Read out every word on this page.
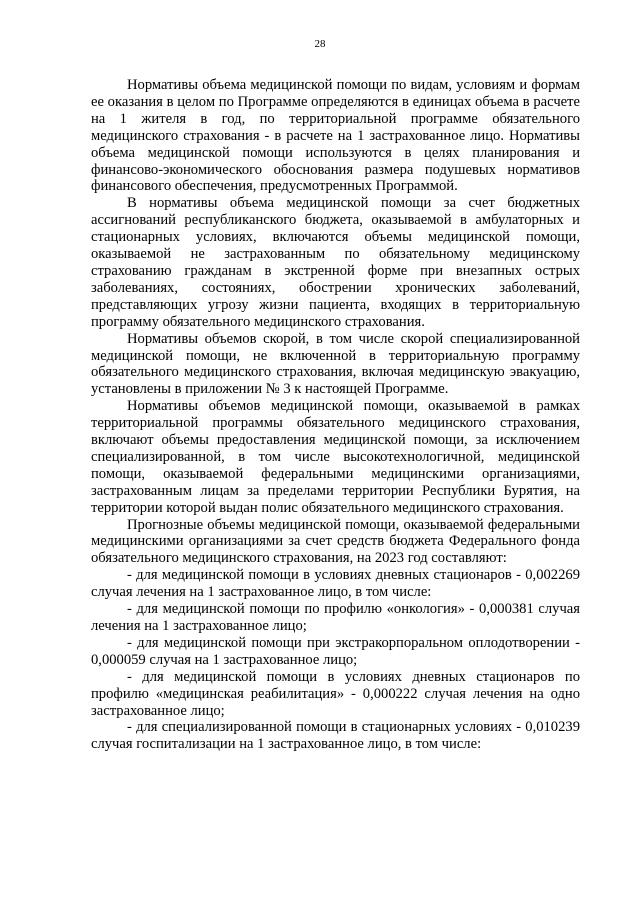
28

Нормативы объема медицинской помощи по видам, условиям и формам ее оказания в целом по Программе определяются в единицах объема в расчете на 1 жителя в год, по территориальной программе обязательного медицинского страхования - в расчете на 1 застрахованное лицо. Нормативы объема медицинской помощи используются в целях планирования и финансово-экономического обоснования размера подушевых нормативов финансового обеспечения, предусмотренных Программой.

В нормативы объема медицинской помощи за счет бюджетных ассигнований республиканского бюджета, оказываемой в амбулаторных и стационарных условиях, включаются объемы медицинской помощи, оказываемой не застрахованным по обязательному медицинскому страхованию гражданам в экстренной форме при внезапных острых заболеваниях, состояниях, обострении хронических заболеваний, представляющих угрозу жизни пациента, входящих в территориальную программу обязательного медицинского страхования.

Нормативы объемов скорой, в том числе скорой специализированной медицинской помощи, не включенной в территориальную программу обязательного медицинского страхования, включая медицинскую эвакуацию, установлены в приложении № 3 к настоящей Программе.

Нормативы объемов медицинской помощи, оказываемой в рамках территориальной программы обязательного медицинского страхования, включают объемы предоставления медицинской помощи, за исключением специализированной, в том числе высокотехнологичной, медицинской помощи, оказываемой федеральными медицинскими организациями, застрахованным лицам за пределами территории Республики Бурятия, на территории которой выдан полис обязательного медицинского страхования.

Прогнозные объемы медицинской помощи, оказываемой федеральными медицинскими организациями за счет средств бюджета Федерального фонда обязательного медицинского страхования, на 2023 год составляют:

- для медицинской помощи в условиях дневных стационаров - 0,002269 случая лечения на 1 застрахованное лицо, в том числе:

- для медицинской помощи по профилю «онкология» - 0,000381 случая лечения на 1 застрахованное лицо;

- для медицинской помощи при экстракорпоральном оплодотворении - 0,000059 случая на 1 застрахованное лицо;

- для медицинской помощи в условиях дневных стационаров по профилю «медицинская реабилитация» - 0,000222 случая лечения на одно застрахованное лицо;

- для специализированной помощи в стационарных условиях - 0,010239 случая госпитализации на 1 застрахованное лицо, в том числе:
